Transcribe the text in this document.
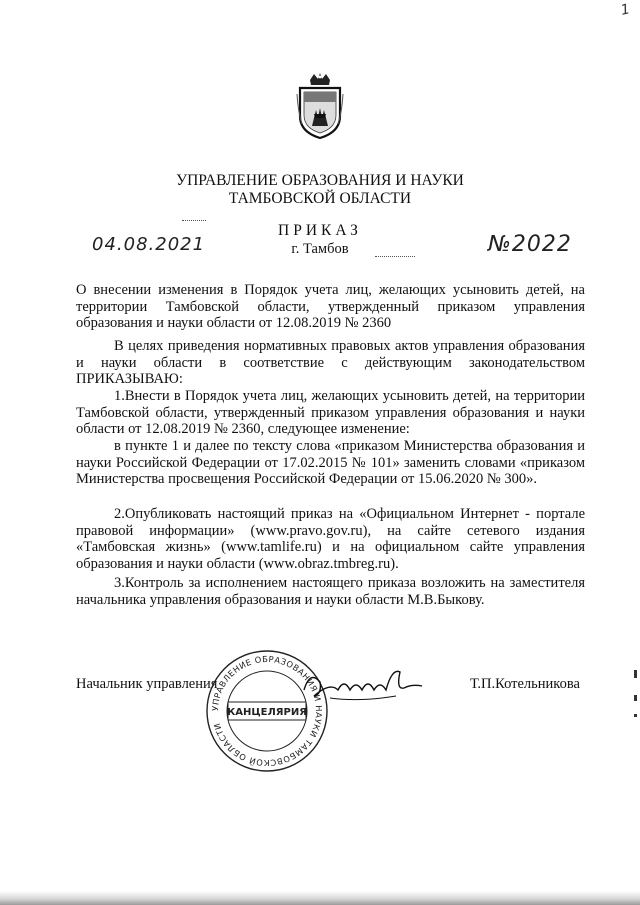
1
УПРАВЛЕНИЕ ОБРАЗОВАНИЯ И НАУКИ
ТАМБОВСКОЙ ОБЛАСТИ
ПРИКАЗ
г. Тамбов
04.08.2021	№2022
О внесении изменения в Порядок учета лиц, желающих усыновить детей, на территории Тамбовской области, утвержденный приказом управления образования и науки области от 12.08.2019 № 2360
В целях приведения нормативных правовых актов управления образования и науки области в соответствие с действующим законодательством ПРИКАЗЫВАЮ:
1.Внести в Порядок учета лиц, желающих усыновить детей, на территории Тамбовской области, утвержденный приказом управления образования и науки области от 12.08.2019 № 2360, следующее изменение:
в пункте 1 и далее по тексту слова «приказом Министерства образования и науки Российской Федерации от 17.02.2015 № 101» заменить словами «приказом Министерства просвещения Российской Федерации от 15.06.2020 № 300».
2.Опубликовать настоящий приказ на «Официальном Интернет - портале правовой информации» (www.pravo.gov.ru), на сайте сетевого издания «Тамбовская жизнь» (www.tamlife.ru) и на официальном сайте управления образования и науки области (www.obraz.tmbreg.ru).
3.Контроль за исполнением настоящего приказа возложить на заместителя начальника управления образования и науки области М.В.Быкову.
Начальник управления	Т.П.Котельникова
УПРАВЛЕНИЕ ОБРАЗОВАНИЯ И НАУКИ ТАМБОВСКОЙ ОБЛАСТИ
КАНЦЕЛЯРИЯ
